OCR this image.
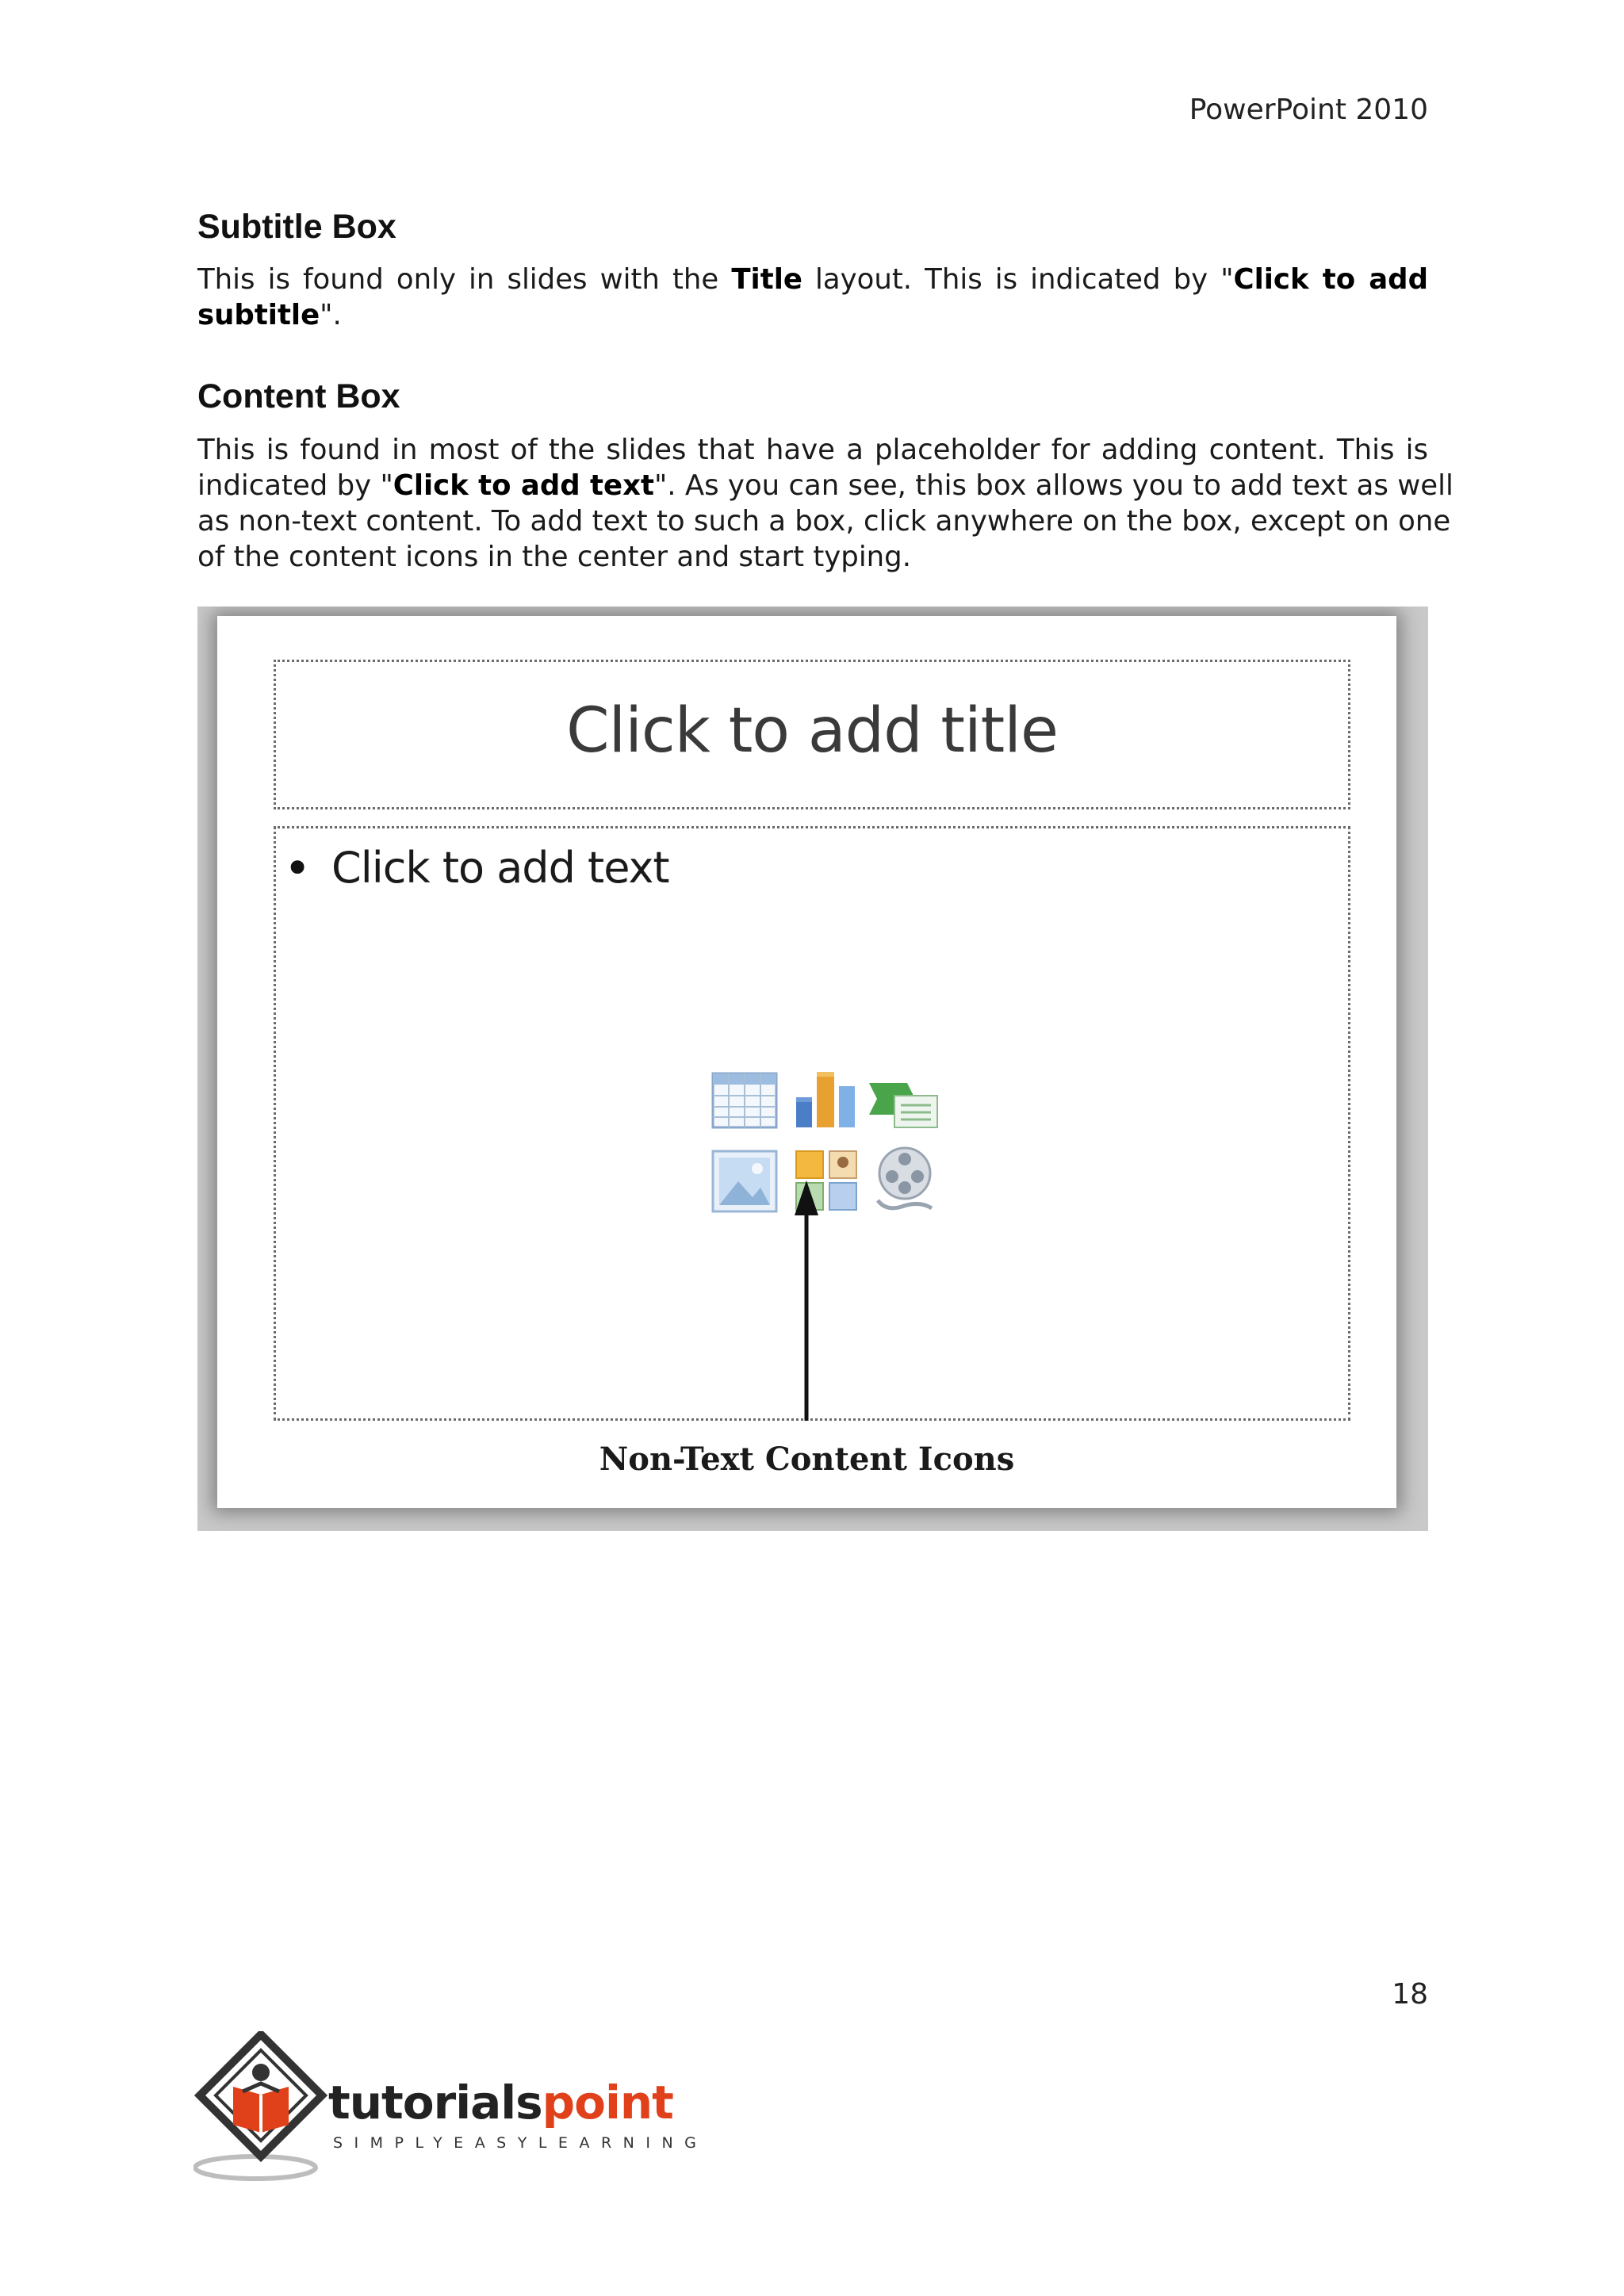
PowerPoint 2010
Subtitle Box
This is found only in slides with the Title layout. This is indicated by "Click to add
subtitle".
Content Box
This is found in most of the slides that have a placeholder for adding content. This is
indicated by "Click to add text". As you can see, this box allows you to add text as well
as non-text content. To add text to such a box, click anywhere on the box, except on one
of the content icons in the center and start typing.
Click to add title
• Click to add text
Non-Text Content Icons
18
tutorialspoint
SIMPLYEASYLEARNING
